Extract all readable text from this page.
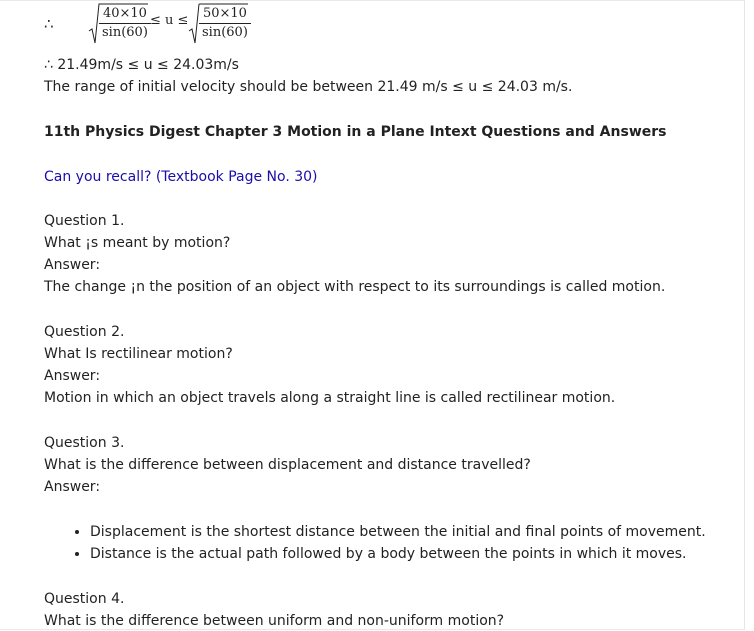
∴
40×10
sin(60)
≤ u ≤	50×10
sin(60)
∴ 21.49m/s ≤ u ≤ 24.03m/s
The range of initial velocity should be between 21.49 m/s ≤ u ≤ 24.03 m/s.
11th Physics Digest Chapter 3 Motion in a Plane Intext Questions and Answers
Can you recall? (Textbook Page No. 30)
Question 1.
What ¡s meant by motion?
Answer:
The change ¡n the position of an object with respect to its surroundings is called motion.
Question 2.
What Is rectilinear motion?
Answer:
Motion in which an object travels along a straight line is called rectilinear motion.
Question 3.
What is the difference between displacement and distance travelled?
Answer:
• Displacement is the shortest distance between the initial and final points of movement.
• Distance is the actual path followed by a body between the points in which it moves.
Question 4.
What is the difference between uniform and non-uniform motion?
